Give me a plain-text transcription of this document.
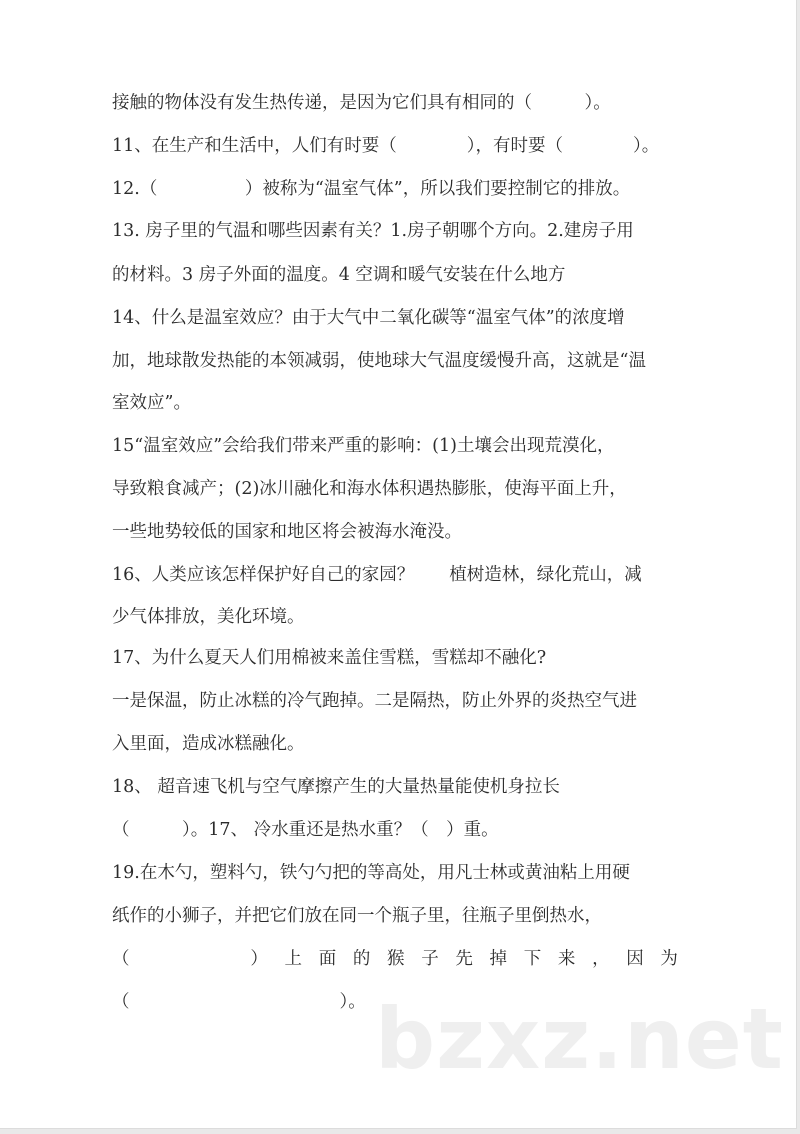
接触的物体没有发生热传递，是因为它们具有相同的（　　　）。
11、在生产和生活中，人们有时要（　　　　），有时要（　　　　）。
12.（　　　　　）被称为“温室气体”，所以我们要控制它的排放。
13. 房子里的气温和哪些因素有关？1.房子朝哪个方向。2.建房子用
的材料。3 房子外面的温度。4 空调和暖气安装在什么地方
14、什么是温室效应？由于大气中二氧化碳等“温室气体”的浓度增
加，地球散发热能的本领减弱，使地球大气温度缓慢升高，这就是“温
室效应”。
15“温室效应”会给我们带来严重的影响：(1)土壤会出现荒漠化，
导致粮食减产；(2)冰川融化和海水体积遇热膨胀，使海平面上升，
一些地势较低的国家和地区将会被海水淹没。
16、人类应该怎样保护好自己的家园？　　植树造林，绿化荒山，减
少气体排放，美化环境。
17、为什么夏天人们用棉被来盖住雪糕，雪糕却不融化?
一是保温，防止冰糕的冷气跑掉。二是隔热，防止外界的炎热空气进
入里面，造成冰糕融化。
18、 超音速飞机与空气摩擦产生的大量热量能使机身拉长
（　　　）。17、 冷水重还是热水重？（　）重。
19.在木勺，塑料勺，铁勺勺把的等高处，用凡士林或黄油粘上用硬
纸作的小狮子，并把它们放在同一个瓶子里，往瓶子里倒热水，
（
　　　　　	） 上 面 的 猴 子 先 掉 下 来 ， 因 为
（　　　　　　　　　　　　）。 bzxz.net
